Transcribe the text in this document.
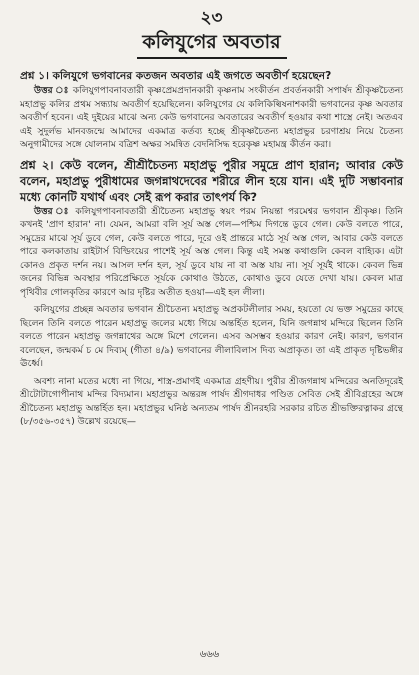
২৩
কলিযুগের অবতার

প্রশ্ন ১। কলিযুগে ভগবানের কতজন অবতার এই জগতে অবতীর্ণ হয়েছেন?

উত্তর ঃ কলিযুগপাবনাবতারী কৃষ্ণপ্রেমপ্রদানকারী কৃষ্ণনাম সংকীর্তন প্রবর্তনকারী সপার্ষদ শ্রীকৃষ্ণচৈতন্য মহাপ্রভু কলির প্রথম সন্ধ্যায় অবতীর্ণ হয়েছিলেন। কলিযুগের যে কলিকিল্বিষনাশকারী ভগবানের কৃষ্ণ অবতার অবতীর্ণ হবেন। এই দুইয়ের মাঝে অন্য কেউ ভগবানের অবতারের অবতীর্ণ হওয়ার কথা শাস্ত্রে নেই। অতএব এই সুদুর্লভ মানবজন্মে আমাদের একমাত্র কর্তব্য হচ্ছে শ্রীকৃষ্ণচৈতন্য মহাপ্রভুর চরণাশ্রয় নিয়ে চৈতন্য অনুগামীদের সঙ্গে যোলনাম বত্রিশ অক্ষর সমন্বিত বেদনিসিদ্ধ হরেকৃষ্ণ মহামন্ত্র কীর্তন করা।

প্রশ্ন ২। কেউ বলেন, শ্রীশ্রীচৈতন্য মহাপ্রভু পুরীর সমুদ্রে প্রাণ হারান; আবার কেউ বলেন, মহাপ্রভু পুরীধামের জগন্নাথদেবের শরীরে লীন হয়ে যান। এই দুটি সম্ভাবনার মধ্যে কোনটি যথার্থ এবং সেই রূপ করার তাৎপর্য কি?

উত্তর ঃ কলিযুগপাবনাবতারী শ্রীচৈতন্য মহাপ্রভু স্বয়ং পরম নিয়ন্তা পরমেশ্বর ভগবান শ্রীকৃষ্ণ। তিনি কখনই 'প্রাণ হারান' না। যেমন, আমরা বলি সূর্য অস্ত গেল—পশ্চিম দিগন্তে ডুবে গেল। কেউ বলতে পারে, সমুদ্রের মাঝে সূর্য ডুবে গেল, কেউ বলতে পারে, দূরে ওই প্রান্তরে মাঠে সূর্য অস্ত গেল, আবার কেউ বলতে পারে কলকাতায় রাইটার্স বিল্ডিংয়ের পাশেই সূর্য অস্ত গেল। কিন্তু এই সমস্ত কথাগুলি কেবল বাহ্যিক। এটা কোনও প্রকৃত দর্শন নয়। আসল দর্শন হল, সূর্য ডুবে যায় না বা অস্ত যায় না। সূর্য সূর্যই থাকে। কেবল ভিন্ন জনের বিভিন্ন অবস্থার পরিপ্রেক্ষিতে সূর্যকে কোথাও উঠতে, কোথাও ডুবে যেতে দেখা যায়। কেবল মাত্র পৃথিবীর গোলকৃতির কারণে আর দৃষ্টির অতীত হওয়া—এই হল লীলা।

কলিযুগের প্রচ্ছন্ন অবতার ভগবান শ্রীচৈতন্য মহাপ্রভু অপ্রকটলীলার সময়, হয়তো যে ভক্ত সমুদ্রের কাছে ছিলেন তিনি বলতে পারেন মহাপ্রভু জলের মধ্যে গিয়ে অন্তর্হিত হলেন, যিনি জগন্নাথ মন্দিরে ছিলেন তিনি বলতে পারেন মহাপ্রভু জগন্নাথের অঙ্গে মিশে গেলেন। এসব অসম্ভব হওয়ার কারণ নেই। কারণ, ভগবান বলেছেন, জন্মকর্ম চ মে দিব্যম্ (গীতা ৪/৯) ভগবানের লীলাবিলাস দিব্য অপ্রাকৃত। তা এই প্রাকৃত দৃষ্টিভঙ্গীর ঊর্ধ্বে।

অবশ্য নানা মতের মধ্যে না গিয়ে, শাস্ত্র-প্রমাণই একমাত্র গ্রহণীয়। পুরীর শ্রীজগন্নাথ মন্দিরের অনতিদূরেই শ্রীটোটাগোপীনাথ মন্দির বিদ্যমান। মহাপ্রভুর অন্তরঙ্গ পার্ষদ শ্রীগদাধর পণ্ডিত সেবিত সেই শ্রীবিগ্রহের অঙ্গে শ্রীচৈতন্য মহাপ্রভু অন্তর্হিত হন। মহাপ্রভুর ঘনিষ্ঠ অন্যতম পার্ষদ শ্রীনরহরি সরকার রচিত শ্রীভক্তিরত্নাকর গ্রন্থে (৮/৩৫৬-৩৫৭) উল্লেখ রয়েছে—

৬৬৬
